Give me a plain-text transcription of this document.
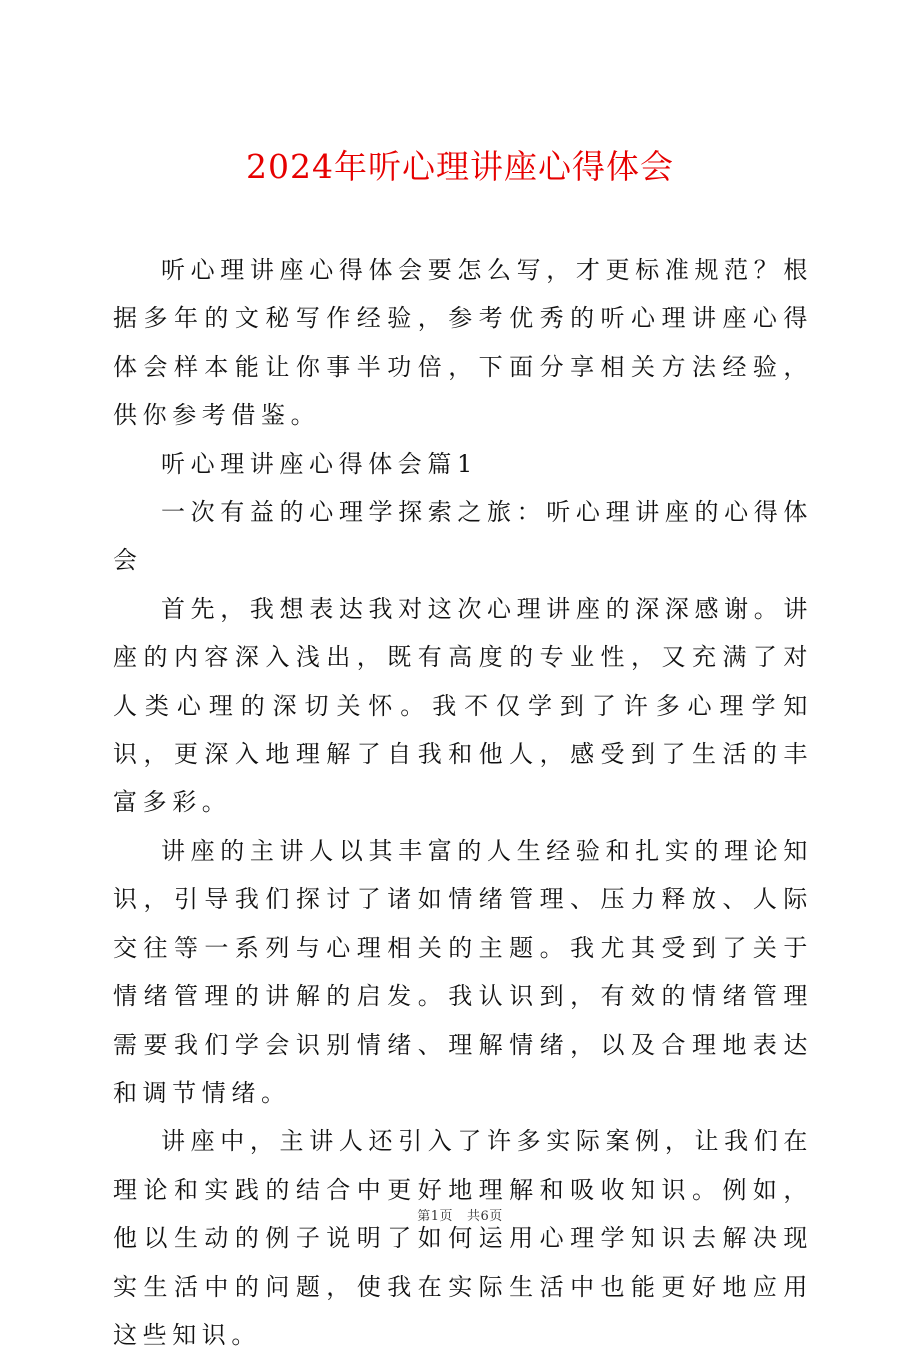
2024年听心理讲座心得体会

听心理讲座心得体会要怎么写，才更标准规范？根据多年的文秘写作经验，参考优秀的听心理讲座心得体会样本能让你事半功倍，下面分享相关方法经验，供你参考借鉴。

听心理讲座心得体会篇1

一次有益的心理学探索之旅：听心理讲座的心得体会

首先，我想表达我对这次心理讲座的深深感谢。讲座的内容深入浅出，既有高度的专业性，又充满了对人类心理的深切关怀。我不仅学到了许多心理学知识，更深入地理解了自我和他人，感受到了生活的丰富多彩。

讲座的主讲人以其丰富的人生经验和扎实的理论知识，引导我们探讨了诸如情绪管理、压力释放、人际交往等一系列与心理相关的主题。我尤其受到了关于情绪管理的讲解的启发。我认识到，有效的情绪管理需要我们学会识别情绪、理解情绪，以及合理地表达和调节情绪。

讲座中，主讲人还引入了许多实际案例，让我们在理论和实践的结合中更好地理解和吸收知识。例如，他以生动的例子说明了如何运用心理学知识去解决现实生活中的问题，使我在实际生活中也能更好地应用这些知识。

第1页 共6页
